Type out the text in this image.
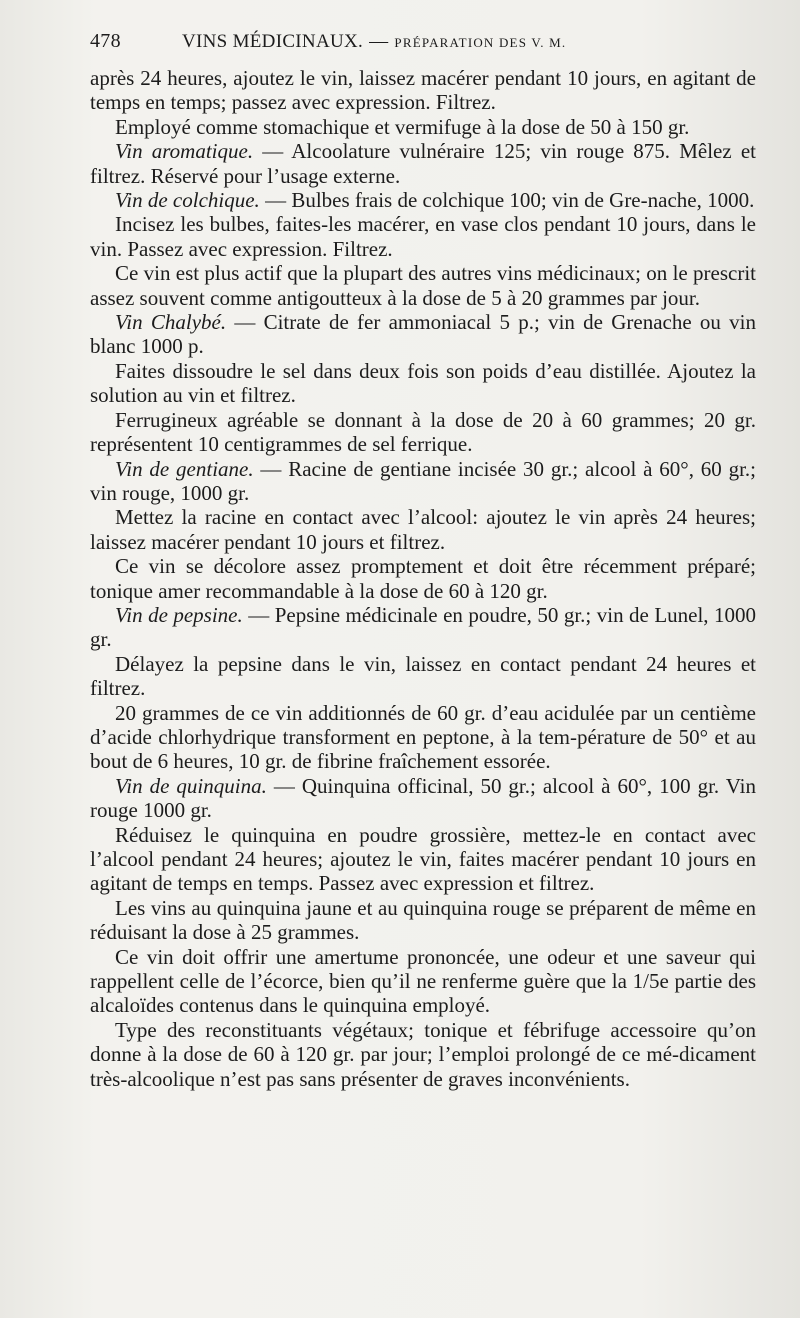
478	VINS MÉDICINAUX. — PRÉPARATION DES V. M.

après 24 heures, ajoutez le vin, laissez macérer pendant 10 jours, en agitant de temps en temps; passez avec expression. Filtrez.

Employé comme stomachique et vermifuge à la dose de 50 à 150 gr.

Vin aromatique. — Alcoolature vulnéraire 125; vin rouge 875. Mêlez et filtrez. Réservé pour l’usage externe.

Vin de colchique. — Bulbes frais de colchique 100; vin de Gre-nache, 1000.

Incisez les bulbes, faites-les macérer, en vase clos pendant 10 jours, dans le vin. Passez avec expression. Filtrez.

Ce vin est plus actif que la plupart des autres vins médicinaux; on le prescrit assez souvent comme antigoutteux à la dose de 5 à 20 grammes par jour.

Vin Chalybé. — Citrate de fer ammoniacal 5 p.; vin de Grenache ou vin blanc 1000 p.

Faites dissoudre le sel dans deux fois son poids d’eau distillée. Ajoutez la solution au vin et filtrez.

Ferrugineux agréable se donnant à la dose de 20 à 60 grammes; 20 gr. représentent 10 centigrammes de sel ferrique.

Vin de gentiane. — Racine de gentiane incisée 30 gr.; alcool à 60°, 60 gr.; vin rouge, 1000 gr.

Mettez la racine en contact avec l’alcool: ajoutez le vin après 24 heures; laissez macérer pendant 10 jours et filtrez.

Ce vin se décolore assez promptement et doit être récemment préparé; tonique amer recommandable à la dose de 60 à 120 gr.

Vin de pepsine. — Pepsine médicinale en poudre, 50 gr.; vin de Lunel, 1000 gr.

Délayez la pepsine dans le vin, laissez en contact pendant 24 heures et filtrez.

20 grammes de ce vin additionnés de 60 gr. d’eau acidulée par un centième d’acide chlorhydrique transforment en peptone, à la tem-pérature de 50° et au bout de 6 heures, 10 gr. de fibrine fraîchement essorée.

Vin de quinquina. — Quinquina officinal, 50 gr.; alcool à 60°, 100 gr. Vin rouge 1000 gr.

Réduisez le quinquina en poudre grossière, mettez-le en contact avec l’alcool pendant 24 heures; ajoutez le vin, faites macérer pendant 10 jours en agitant de temps en temps. Passez avec expression et filtrez.

Les vins au quinquina jaune et au quinquina rouge se préparent de même en réduisant la dose à 25 grammes.

Ce vin doit offrir une amertume prononcée, une odeur et une saveur qui rappellent celle de l’écorce, bien qu’il ne renferme guère que la 1/5e partie des alcaloïdes contenus dans le quinquina employé.

Type des reconstituants végétaux; tonique et fébrifuge accessoire qu’on donne à la dose de 60 à 120 gr. par jour; l’emploi prolongé de ce mé-dicament très-alcoolique n’est pas sans présenter de graves inconvénients.
